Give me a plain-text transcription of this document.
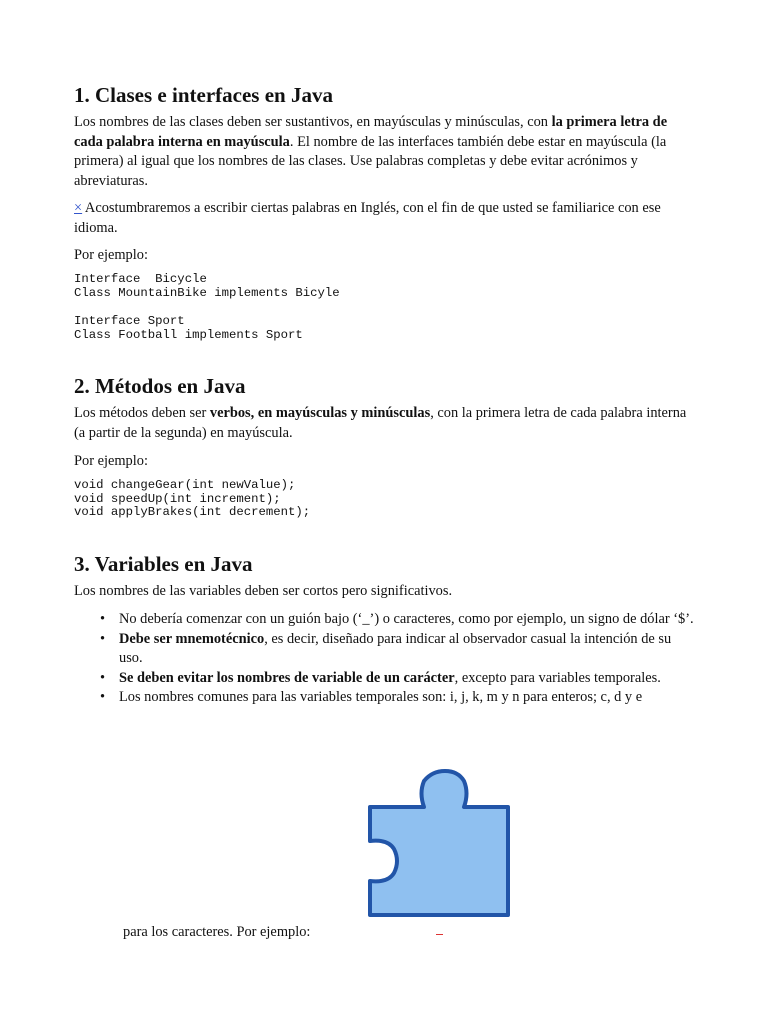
1. Clases e interfaces en Java

Los nombres de las clases deben ser sustantivos, en mayúsculas y minúsculas, con la primera letra de cada palabra interna en mayúscula. El nombre de las interfaces también debe estar en mayúscula (la primera) al igual que los nombres de las clases. Use palabras completas y debe evitar acrónimos y abreviaturas.

× Acostumbraremos a escribir ciertas palabras en Inglés, con el fin de que usted se familiarice con ese idioma.

Por ejemplo:

Interface  Bicycle
Class MountainBike implements Bicyle
Interface Sport
Class Football implements Sport
2. Métodos en Java

Los métodos deben ser verbos, en mayúsculas y minúsculas, con la primera letra de cada palabra interna (a partir de la segunda) en mayúscula.

Por ejemplo:

void changeGear(int newValue);
void speedUp(int increment);
void applyBrakes(int decrement);
3. Variables en Java

Los nombres de las variables deben ser cortos pero significativos.

• No debería comenzar con un guión bajo (‘_’) o caracteres, como por ejemplo, un signo de dólar ‘$’.
• Debe ser mnemotécnico, es decir, diseñado para indicar al observador casual la intención de su uso.
• Se deben evitar los nombres de variable de un carácter, excepto para variables temporales.
• Los nombres comunes para las variables temporales son: i, j, k, m y n para enteros; c, d y e

para los caracteres. Por ejemplo:
